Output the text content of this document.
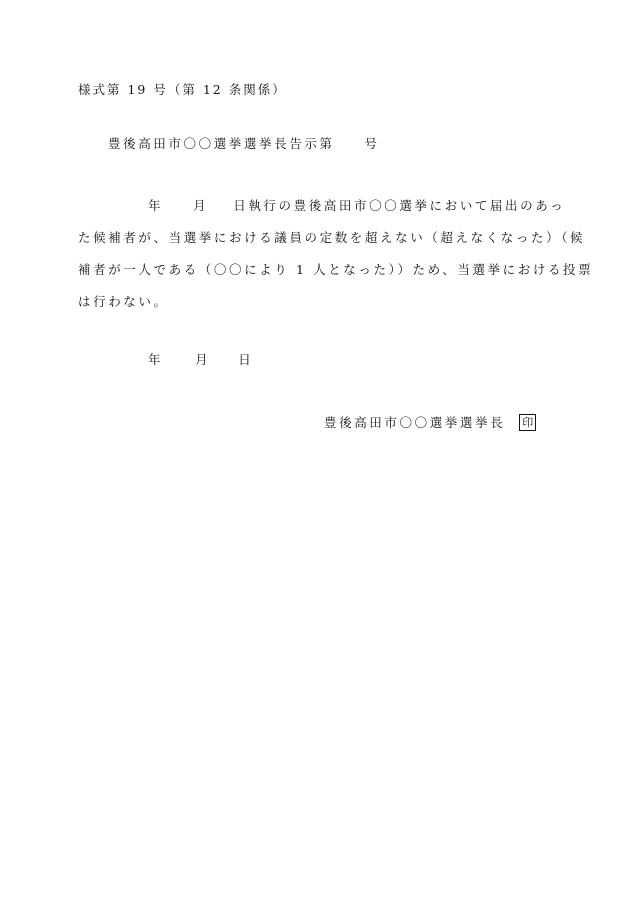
様式第 19 号（第 12 条関係）
豊後高田市〇〇選挙選挙長告示第 号
年 月 日執行の豊後高田市〇〇選挙において届出のあっ
た候補者が、当選挙における議員の定数を超えない（超えなくなった）（候
補者が一人である（〇〇により 1 人となった））ため、当選挙における投票
は行わない。
年	月 日
豊後高田市〇〇選挙選挙長 印
